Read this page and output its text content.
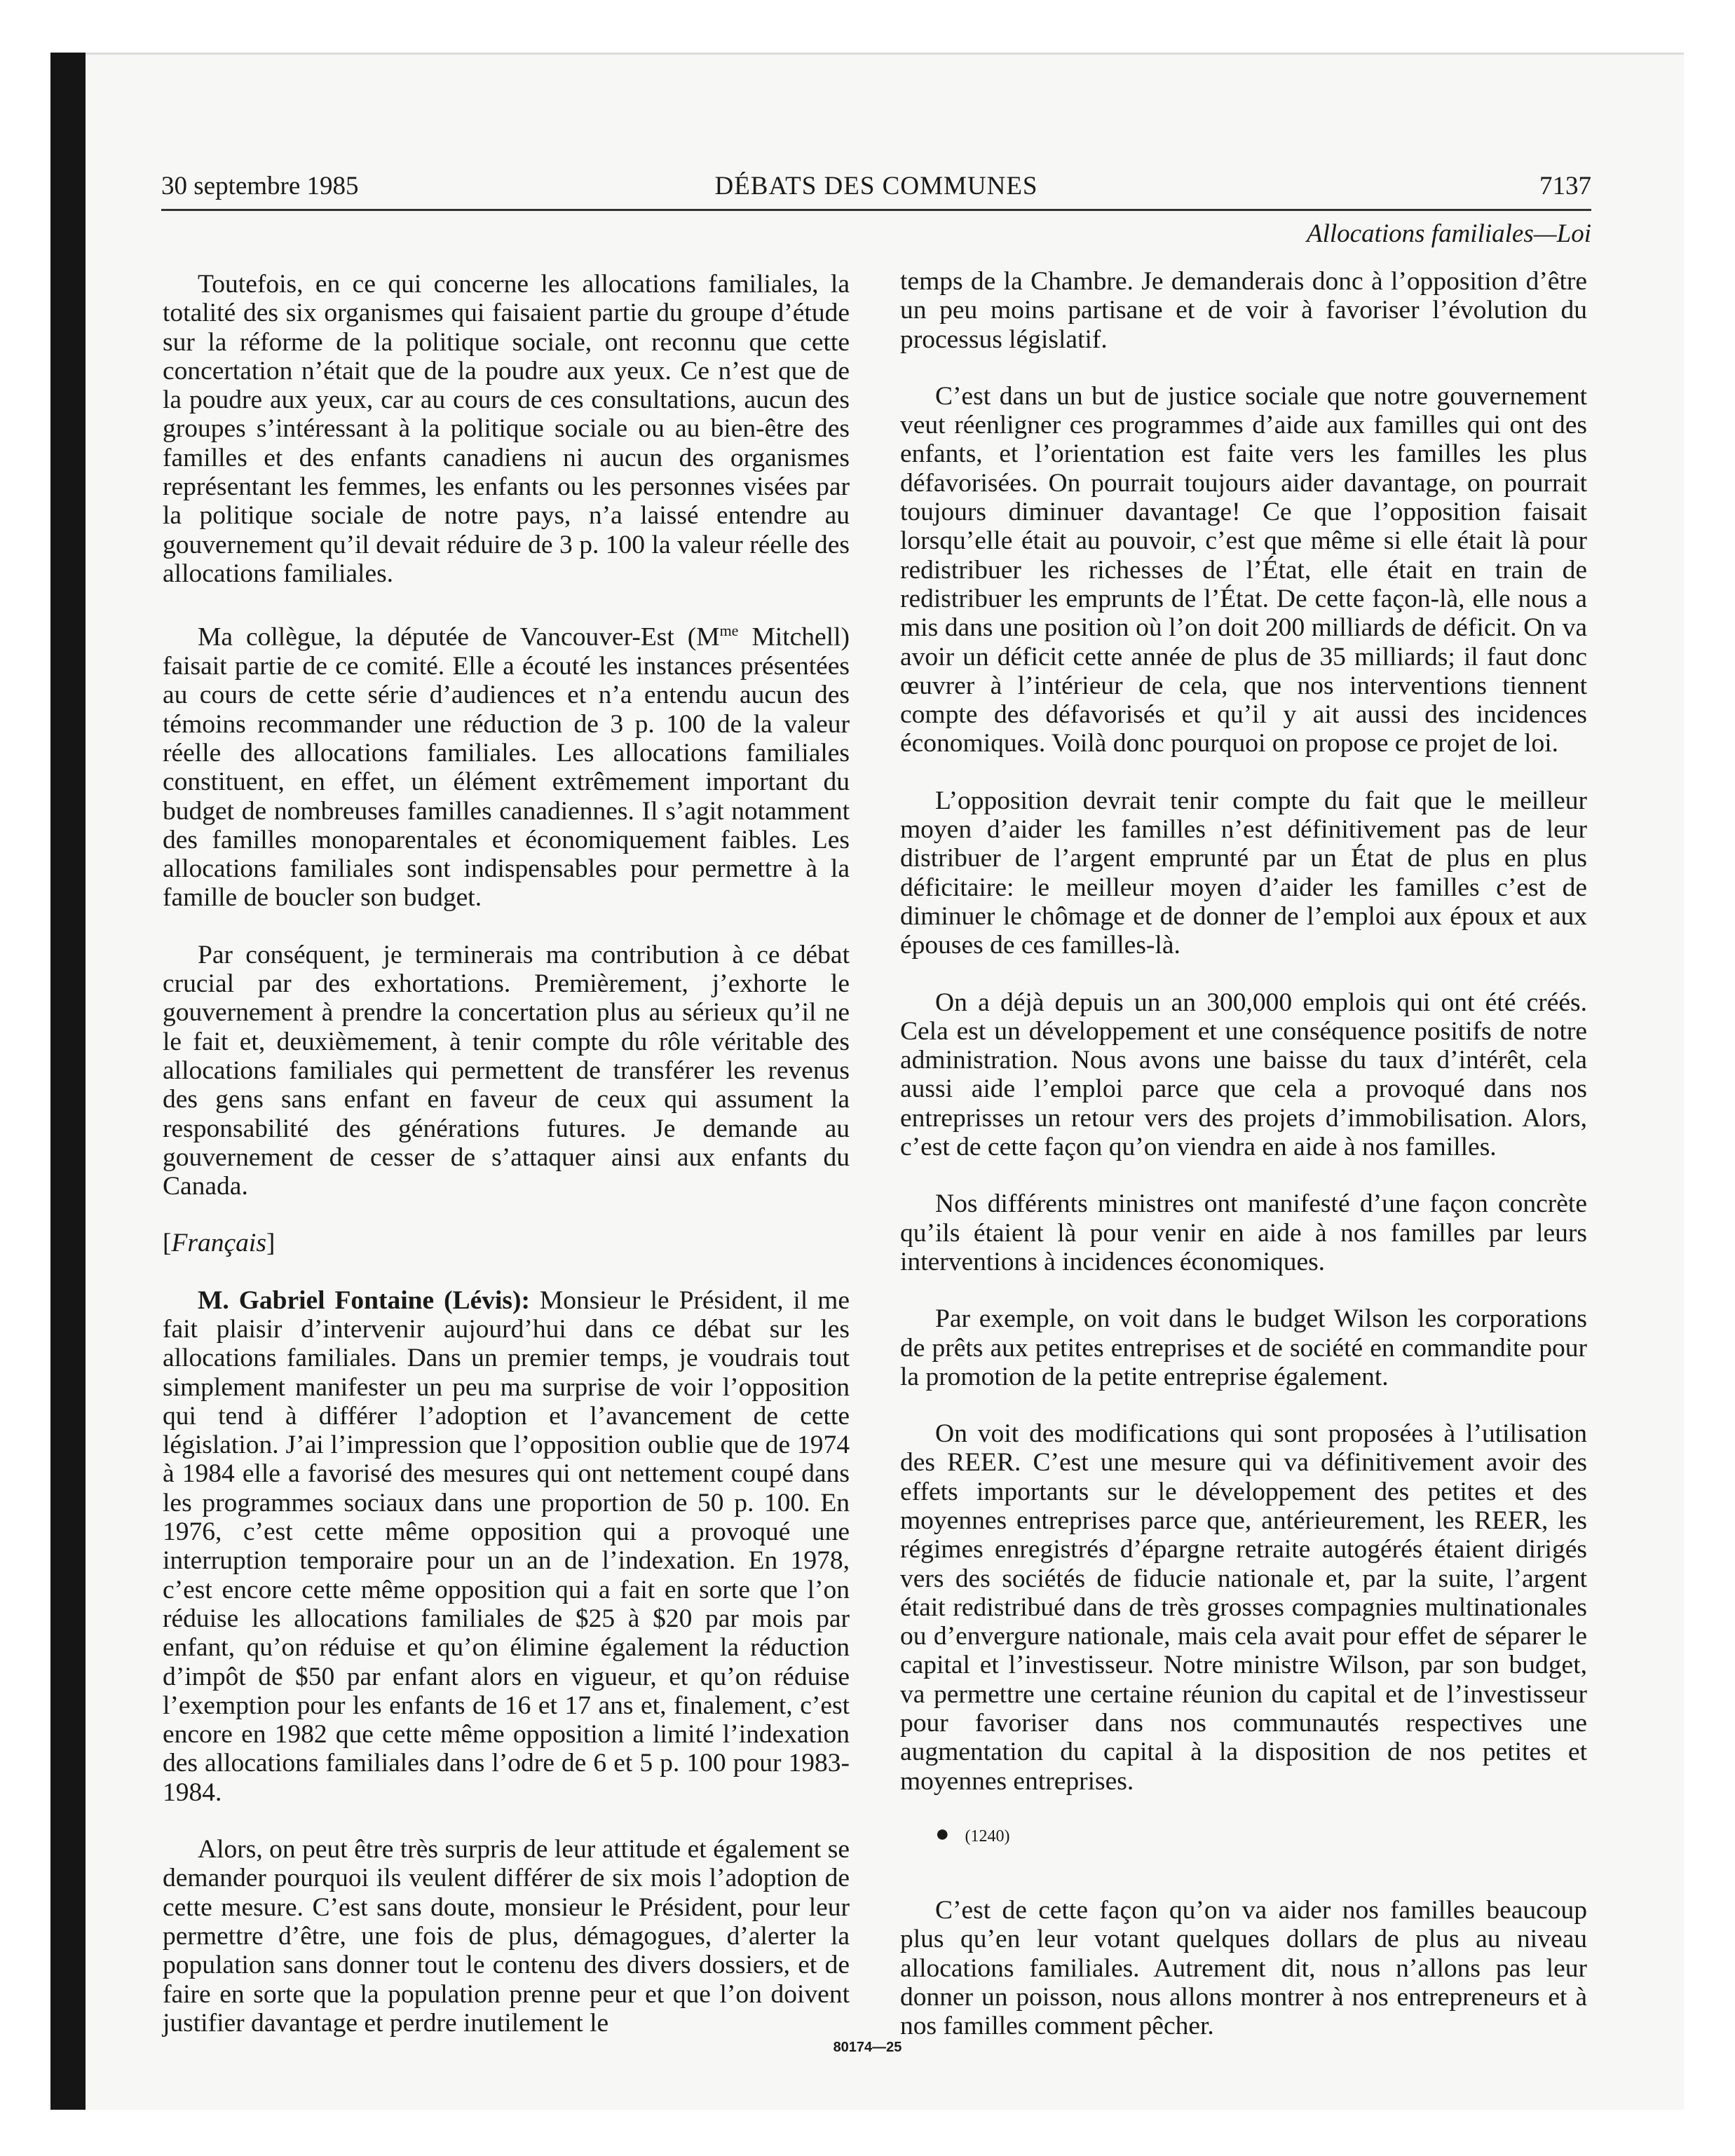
30 septembre 1985	DÉBATS DES COMMUNES	7137
Allocations familiales—Loi

Toutefois, en ce qui concerne les allocations familiales, la totalité des six organismes qui faisaient partie du groupe d’étude sur la réforme de la politique sociale, ont reconnu que cette concertation n’était que de la poudre aux yeux. Ce n’est que de la poudre aux yeux, car au cours de ces consultations, aucun des groupes s’intéressant à la politique sociale ou au bien-être des familles et des enfants canadiens ni aucun des organismes représentant les femmes, les enfants ou les personnes visées par la politique sociale de notre pays, n’a laissé entendre au gouvernement qu’il devait réduire de 3 p. 100 la valeur réelle des allocations familiales.

Ma collègue, la députée de Vancouver-Est ($M^{me}$ Mitchell) faisait partie de ce comité. Elle a écouté les instances présentées au cours de cette série d’audiences et n’a entendu aucun des témoins recommander une réduction de 3 p. 100 de la valeur réelle des allocations familiales. Les allocations familiales constituent, en effet, un élément extrêmement important du budget de nombreuses familles canadiennes. Il s’agit notamment des familles monoparentales et économiquement faibles. Les allocations familiales sont indispensables pour permettre à la famille de boucler son budget.

Par conséquent, je terminerais ma contribution à ce débat crucial par des exhortations. Premièrement, j’exhorte le gouvernement à prendre la concertation plus au sérieux qu’il ne le fait et, deuxièmement, à tenir compte du rôle véritable des allocations familiales qui permettent de transférer les revenus des gens sans enfant en faveur de ceux qui assument la responsabilité des générations futures. Je demande au gouvernement de cesser de s’attaquer ainsi aux enfants du Canada.

[Français]

M. Gabriel Fontaine (Lévis): Monsieur le Président, il me fait plaisir d’intervenir aujourd’hui dans ce débat sur les allocations familiales. Dans un premier temps, je voudrais tout simplement manifester un peu ma surprise de voir l’opposition qui tend à différer l’adoption et l’avancement de cette législation. J’ai l’impression que l’opposition oublie que de 1974 à 1984 elle a favorisé des mesures qui ont nettement coupé dans les programmes sociaux dans une proportion de 50 p. 100. En 1976, c’est cette même opposition qui a provoqué une interruption temporaire pour un an de l’indexation. En 1978, c’est encore cette même opposition qui a fait en sorte que l’on réduise les allocations familiales de $25 à $20 par mois par enfant, qu’on réduise et qu’on élimine également la réduction d’impôt de $50 par enfant alors en vigueur, et qu’on réduise l’exemption pour les enfants de 16 et 17 ans et, finalement, c’est encore en 1982 que cette même opposition a limité l’indexation des allocations familiales dans l’odre de 6 et 5 p. 100 pour 1983-1984.

Alors, on peut être très surpris de leur attitude et également se demander pourquoi ils veulent différer de six mois l’adoption de cette mesure. C’est sans doute, monsieur le Président, pour leur permettre d’être, une fois de plus, démagogues, d’alerter la population sans donner tout le contenu des divers dossiers, et de faire en sorte que la population prenne peur et que l’on doivent justifier davantage et perdre inutilement le

temps de la Chambre. Je demanderais donc à l’opposition d’être un peu moins partisane et de voir à favoriser l’évolution du processus législatif.

C’est dans un but de justice sociale que notre gouvernement veut réenligner ces programmes d’aide aux familles qui ont des enfants, et l’orientation est faite vers les familles les plus défavorisées. On pourrait toujours aider davantage, on pourrait toujours diminuer davantage! Ce que l’opposition faisait lorsqu’elle était au pouvoir, c’est que même si elle était là pour redistribuer les richesses de l’État, elle était en train de redistribuer les emprunts de l’État. De cette façon-là, elle nous a mis dans une position où l’on doit 200 milliards de déficit. On va avoir un déficit cette année de plus de 35 milliards; il faut donc œuvrer à l’intérieur de cela, que nos interventions tiennent compte des défavorisés et qu’il y ait aussi des incidences économiques. Voilà donc pourquoi on propose ce projet de loi.

L’opposition devrait tenir compte du fait que le meilleur moyen d’aider les familles n’est définitivement pas de leur distribuer de l’argent emprunté par un État de plus en plus déficitaire: le meilleur moyen d’aider les familles c’est de diminuer le chômage et de donner de l’emploi aux époux et aux épouses de ces familles-là.

On a déjà depuis un an 300,000 emplois qui ont été créés. Cela est un développement et une conséquence positifs de notre administration. Nous avons une baisse du taux d’intérêt, cela aussi aide l’emploi parce que cela a provoqué dans nos entreprisses un retour vers des projets d’immobilisation. Alors, c’est de cette façon qu’on viendra en aide à nos familles.

Nos différents ministres ont manifesté d’une façon concrète qu’ils étaient là pour venir en aide à nos familles par leurs interventions à incidences économiques.

Par exemple, on voit dans le budget Wilson les corporations de prêts aux petites entreprises et de société en commandite pour la promotion de la petite entreprise également.

On voit des modifications qui sont proposées à l’utilisation des REER. C’est une mesure qui va définitivement avoir des effets importants sur le développement des petites et des moyennes entreprises parce que, antérieurement, les REER, les régimes enregistrés d’épargne retraite autogérés étaient dirigés vers des sociétés de fiducie nationale et, par la suite, l’argent était redistribué dans de très grosses compagnies multinationales ou d’envergure nationale, mais cela avait pour effet de séparer le capital et l’investisseur. Notre ministre Wilson, par son budget, va permettre une certaine réunion du capital et de l’investisseur pour favoriser dans nos communautés respectives une augmentation du capital à la disposition de nos petites et moyennes entreprises.

● (1240)

C’est de cette façon qu’on va aider nos familles beaucoup plus qu’en leur votant quelques dollars de plus au niveau allocations familiales. Autrement dit, nous n’allons pas leur donner un poisson, nous allons montrer à nos entrepreneurs et à nos familles comment pêcher.

80174—25
